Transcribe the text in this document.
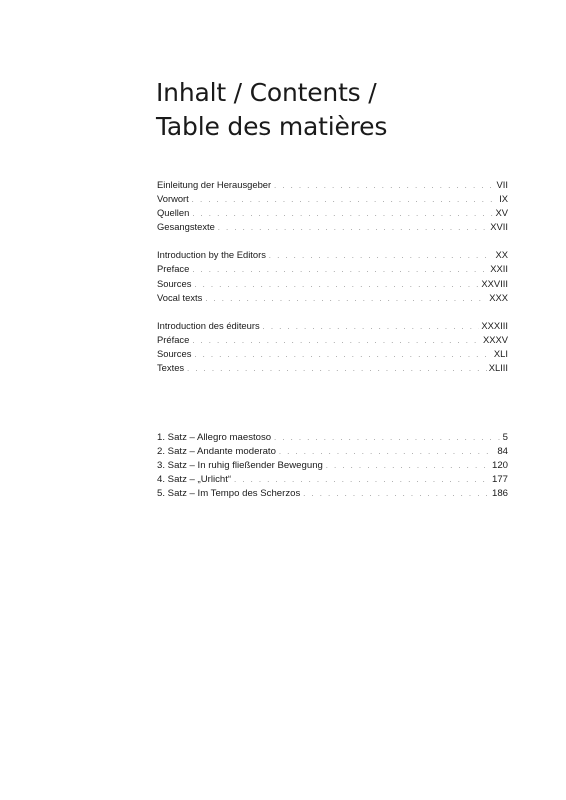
Inhalt / Contents /
Table des matières
Einleitung der Herausgeber . . .	VII
Vorwort . . .	IX
Quellen . . .	XV
Gesangstexte . . .	XVII
Introduction by the Editors . . .	XX
Preface . . .	XXII
Sources . . .	XXVIII
Vocal texts . . .	XXX
Introduction des éditeurs . . .	XXXIII
Préface . . .	XXXV
Sources . . .	XLI
Textes . . .	XLIII
1. Satz – Allegro maestoso . . .	5
2. Satz – Andante moderato . . .	84
3. Satz – In ruhig fließender Bewegung . . .	120
4. Satz – „Urlicht“ . . .	177
5. Satz – Im Tempo des Scherzos . . .	186
